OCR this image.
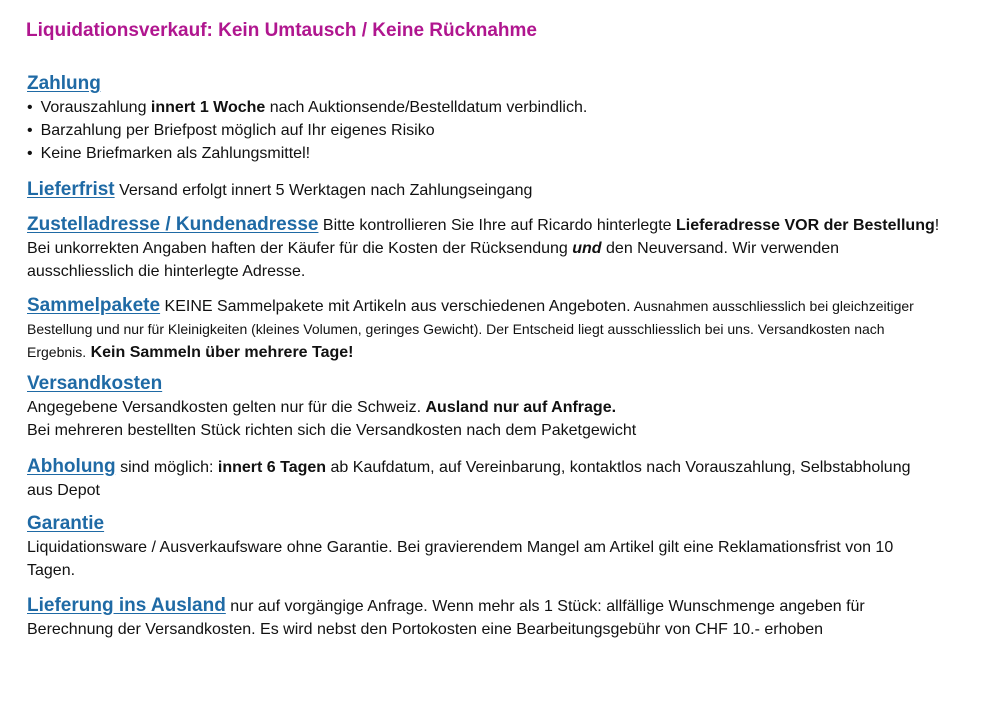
Liquidationsverkauf: Kein Umtausch / Keine Rücknahme
Zahlung
• Vorauszahlung innert 1 Woche nach Auktionsende/Bestelldatum verbindlich.
• Barzahlung per Briefpost möglich auf Ihr eigenes Risiko
• Keine Briefmarken als Zahlungsmittel!
Lieferfrist Versand erfolgt innert 5 Werktagen nach Zahlungseingang
Zustelladresse / Kundenadresse Bitte kontrollieren Sie Ihre auf Ricardo hinterlegte Lieferadresse VOR der Bestellung!
Bei unkorrekten Angaben haften der Käufer für die Kosten der Rücksendung und den Neuversand. Wir verwenden
ausschliesslich die hinterlegte Adresse.
Sammelpakete KEINE Sammelpakete mit Artikeln aus verschiedenen Angeboten. Ausnahmen ausschliesslich bei gleichzeitiger
Bestellung und nur für Kleinigkeiten (kleines Volumen, geringes Gewicht). Der Entscheid liegt ausschliesslich bei uns. Versandkosten nach
Ergebnis. Kein Sammeln über mehrere Tage!
Versandkosten
Angegebene Versandkosten gelten nur für die Schweiz. Ausland nur auf Anfrage.
Bei mehreren bestellten Stück richten sich die Versandkosten nach dem Paketgewicht
Abholung sind möglich: innert 6 Tagen ab Kaufdatum, auf Vereinbarung, kontaktlos nach Vorauszahlung, Selbstabholung
aus Depot
Garantie
Liquidationsware / Ausverkaufsware ohne Garantie. Bei gravierendem Mangel am Artikel gilt eine Reklamationsfrist von 10
Tagen.
Lieferung ins Ausland nur auf vorgängige Anfrage. Wenn mehr als 1 Stück: allfällige Wunschmenge angeben für
Berechnung der Versandkosten. Es wird nebst den Portokosten eine Bearbeitungsgebühr von CHF 10.- erhoben
